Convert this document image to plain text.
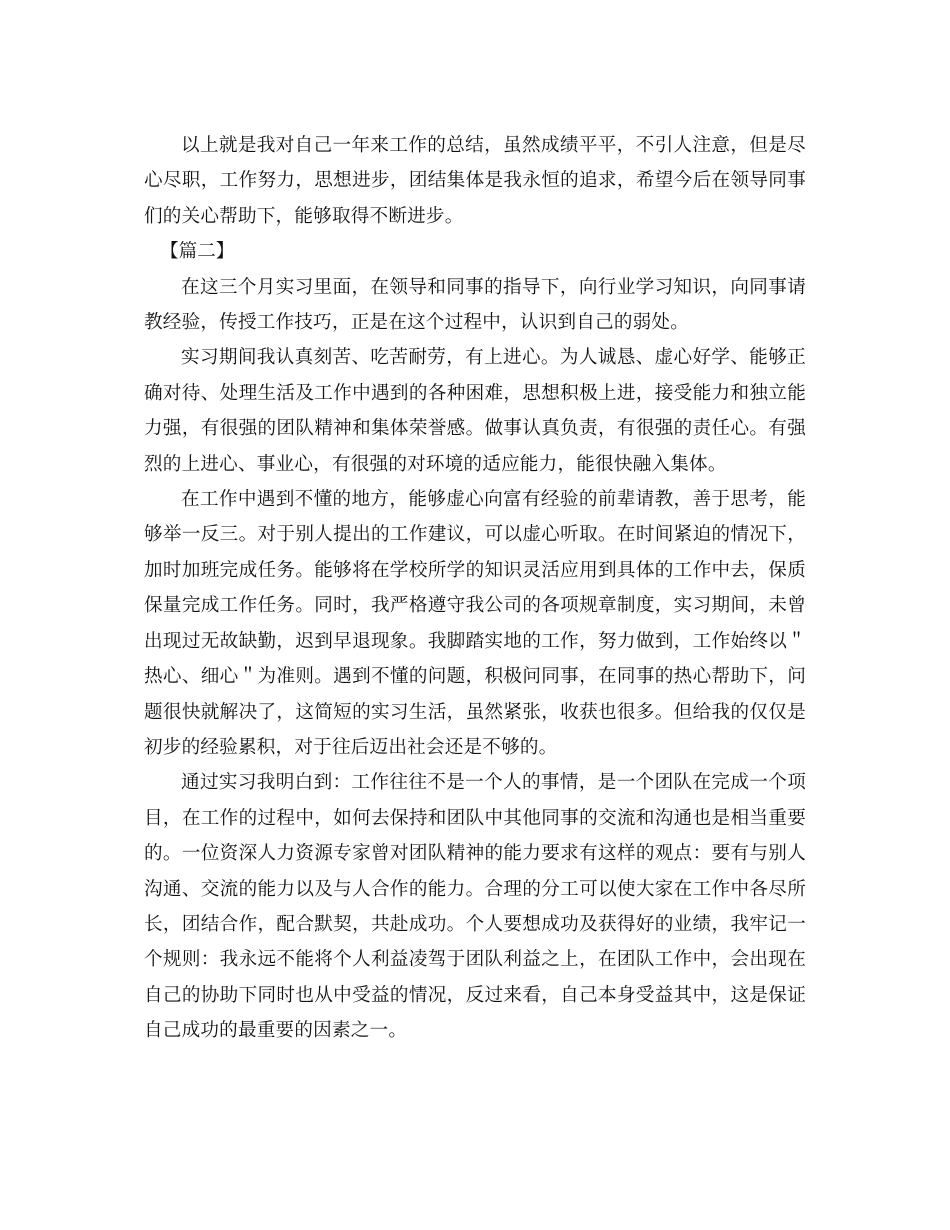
以上就是我对自己一年来工作的总结，虽然成绩平平，不引人注意，但是尽心尽职，工作努力，思想进步，团结集体是我永恒的追求，希望今后在领导同事们的关心帮助下，能够取得不断进步。

【篇二】

在这三个月实习里面，在领导和同事的指导下，向行业学习知识，向同事请教经验，传授工作技巧，正是在这个过程中，认识到自己的弱处。

实习期间我认真刻苦、吃苦耐劳，有上进心。为人诚恳、虚心好学、能够正确对待、处理生活及工作中遇到的各种困难，思想积极上进，接受能力和独立能力强，有很强的团队精神和集体荣誉感。做事认真负责，有很强的责任心。有强烈的上进心、事业心，有很强的对环境的适应能力，能很快融入集体。

在工作中遇到不懂的地方，能够虚心向富有经验的前辈请教，善于思考，能够举一反三。对于别人提出的工作建议，可以虚心听取。在时间紧迫的情况下，加时加班完成任务。能够将在学校所学的知识灵活应用到具体的工作中去，保质保量完成工作任务。同时，我严格遵守我公司的各项规章制度，实习期间，未曾出现过无故缺勤，迟到早退现象。我脚踏实地的工作，努力做到，工作始终以＂热心、细心＂为准则。遇到不懂的问题，积极问同事，在同事的热心帮助下，问题很快就解决了，这简短的实习生活，虽然紧张，收获也很多。但给我的仅仅是初步的经验累积，对于往后迈出社会还是不够的。

通过实习我明白到：工作往往不是一个人的事情，是一个团队在完成一个项目，在工作的过程中，如何去保持和团队中其他同事的交流和沟通也是相当重要的。一位资深人力资源专家曾对团队精神的能力要求有这样的观点：要有与别人沟通、交流的能力以及与人合作的能力。合理的分工可以使大家在工作中各尽所长，团结合作，配合默契，共赴成功。个人要想成功及获得好的业绩，我牢记一个规则：我永远不能将个人利益凌驾于团队利益之上，在团队工作中，会出现在自己的协助下同时也从中受益的情况，反过来看，自己本身受益其中，这是保证自己成功的最重要的因素之一。
